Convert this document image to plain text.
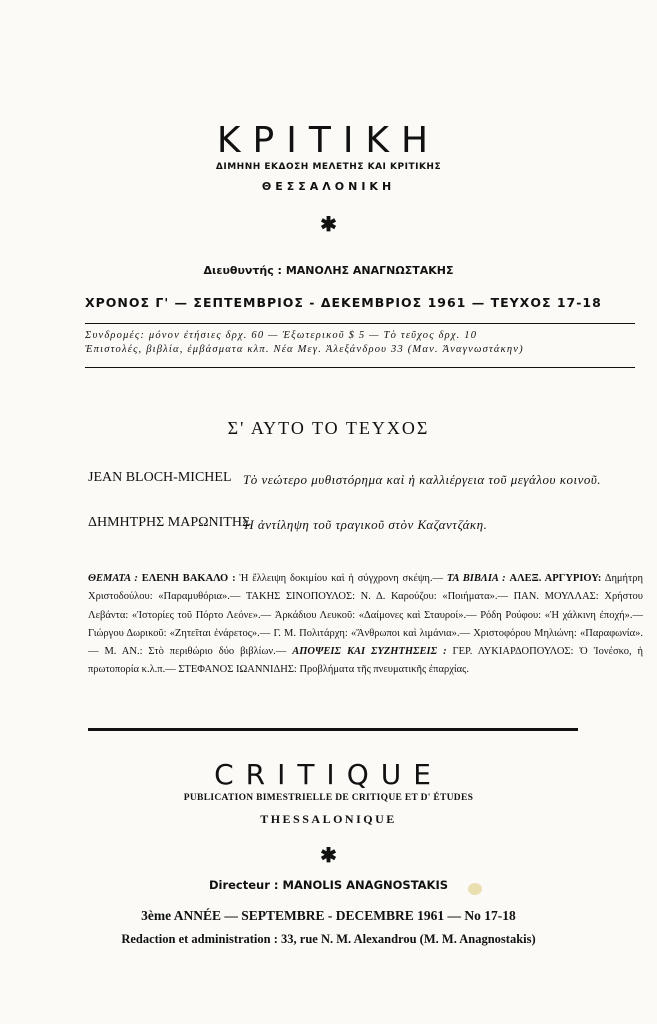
ΚΡΙΤΙΚΗ
ΔΙΜΗΝΗ ΕΚΔΟΣΗ ΜΕΛΕΤΗΣ ΚΑΙ ΚΡΙΤΙΚΗΣ
ΘΕΣΣΑΛΟΝΙΚΗ
✱
Διευθυντής : ΜΑΝΟΛΗΣ ΑΝΑΓΝΩΣΤΑΚΗΣ
ΧΡΟΝΟΣ Γ' — ΣΕΠΤΕΜΒΡΙΟΣ - ΔΕΚΕΜΒΡΙΟΣ 1961 — ΤΕΥΧΟΣ 17-18
Συνδρομές: μόνον ἐτήσιες δρχ. 60 — Ἐξωτερικοῦ $ 5 — Τὸ τεῦχος δρχ. 10
Ἐπιστολές, βιβλία, ἐμβάσματα κλπ. Νέα Μεγ. Ἀλεξάνδρου 33 (Μαν. Ἀναγνωστάκην)
Σ' ΑΥΤΟ ΤΟ ΤΕΥΧΟΣ
JEAN BLOCH-MICHEL Τὸ νεώτερο μυθιστόρημα καὶ ἡ καλλιέργεια τοῦ μεγάλου κοινοῦ.
ΔΗΜΗΤΡΗΣ ΜΑΡΩΝΙΤΗΣ
Ἡ ἀντίληψη τοῦ τραγικοῦ στὸν Καζαντζάκη.
ΘΕΜΑΤΑ : ΕΛΕΝΗ ΒΑΚΑΛΟ : Ἡ ἔλλειψη δοκιμίου καὶ ἡ σύγχρονη σκέψη.— ΤΑ ΒΙΒΛΙΑ : ΑΛΕΞ. ΑΡΓΥΡΙΟΥ: Δημήτρη Χριστοδούλου: «Παραμυθόρια».— ΤΑΚΗΣ ΣΙΝΟΠΟΥΛΟΣ: Ν. Δ. Καρούζου: «Ποιήματα».— ΠΑΝ. ΜΟΥΛΛΑΣ: Χρήστου Λεβάντα: «Ἱστορίες τοῦ Πόρτο Λεόνε».— Ἀρκάδιου Λευκοῦ: «Δαίμονες καὶ Σταυροί».— Ρόδη Ρούφου: «Ἡ χάλκινη ἐποχή».— Γιώργου Δωρικοῦ: «Ζητεῖται ἐνάρετος».— Γ. Μ. Πολιτάρχη: «Ἄνθρωποι καὶ λιμάνια».— Χριστοφόρου Μηλιώνη: «Παραφωνία».— Μ. ΑΝ.: Στὸ περιθώριο δύο βιβλίων.— ΑΠΟΨΕΙΣ ΚΑΙ ΣΥΖΗΤΗΣΕΙΣ : ΓΕΡ. ΛΥΚΙΑΡΔΟΠΟΥΛΟΣ: Ὁ Ἰονέσκο, ἡ πρωτοπορία κ.λ.π.— ΣΤΕΦΑΝΟΣ ΙΩΑΝΝΙΔΗΣ: Προβλήματα τῆς πνευματικῆς ἐπαρχίας.
CRITIQUE
PUBLICATION BIMESTRIELLE DE CRITIQUE ET D' ÉTUDES
THESSALONIQUE
✱
Directeur : MANOLIS ANAGNOSTAKIS
3ème ANNÉE — SEPTEMBRE - DECEMBRE 1961 — No 17-18
Redaction et administration : 33, rue N. M. Alexandrou (M. M. Anagnostakis)
